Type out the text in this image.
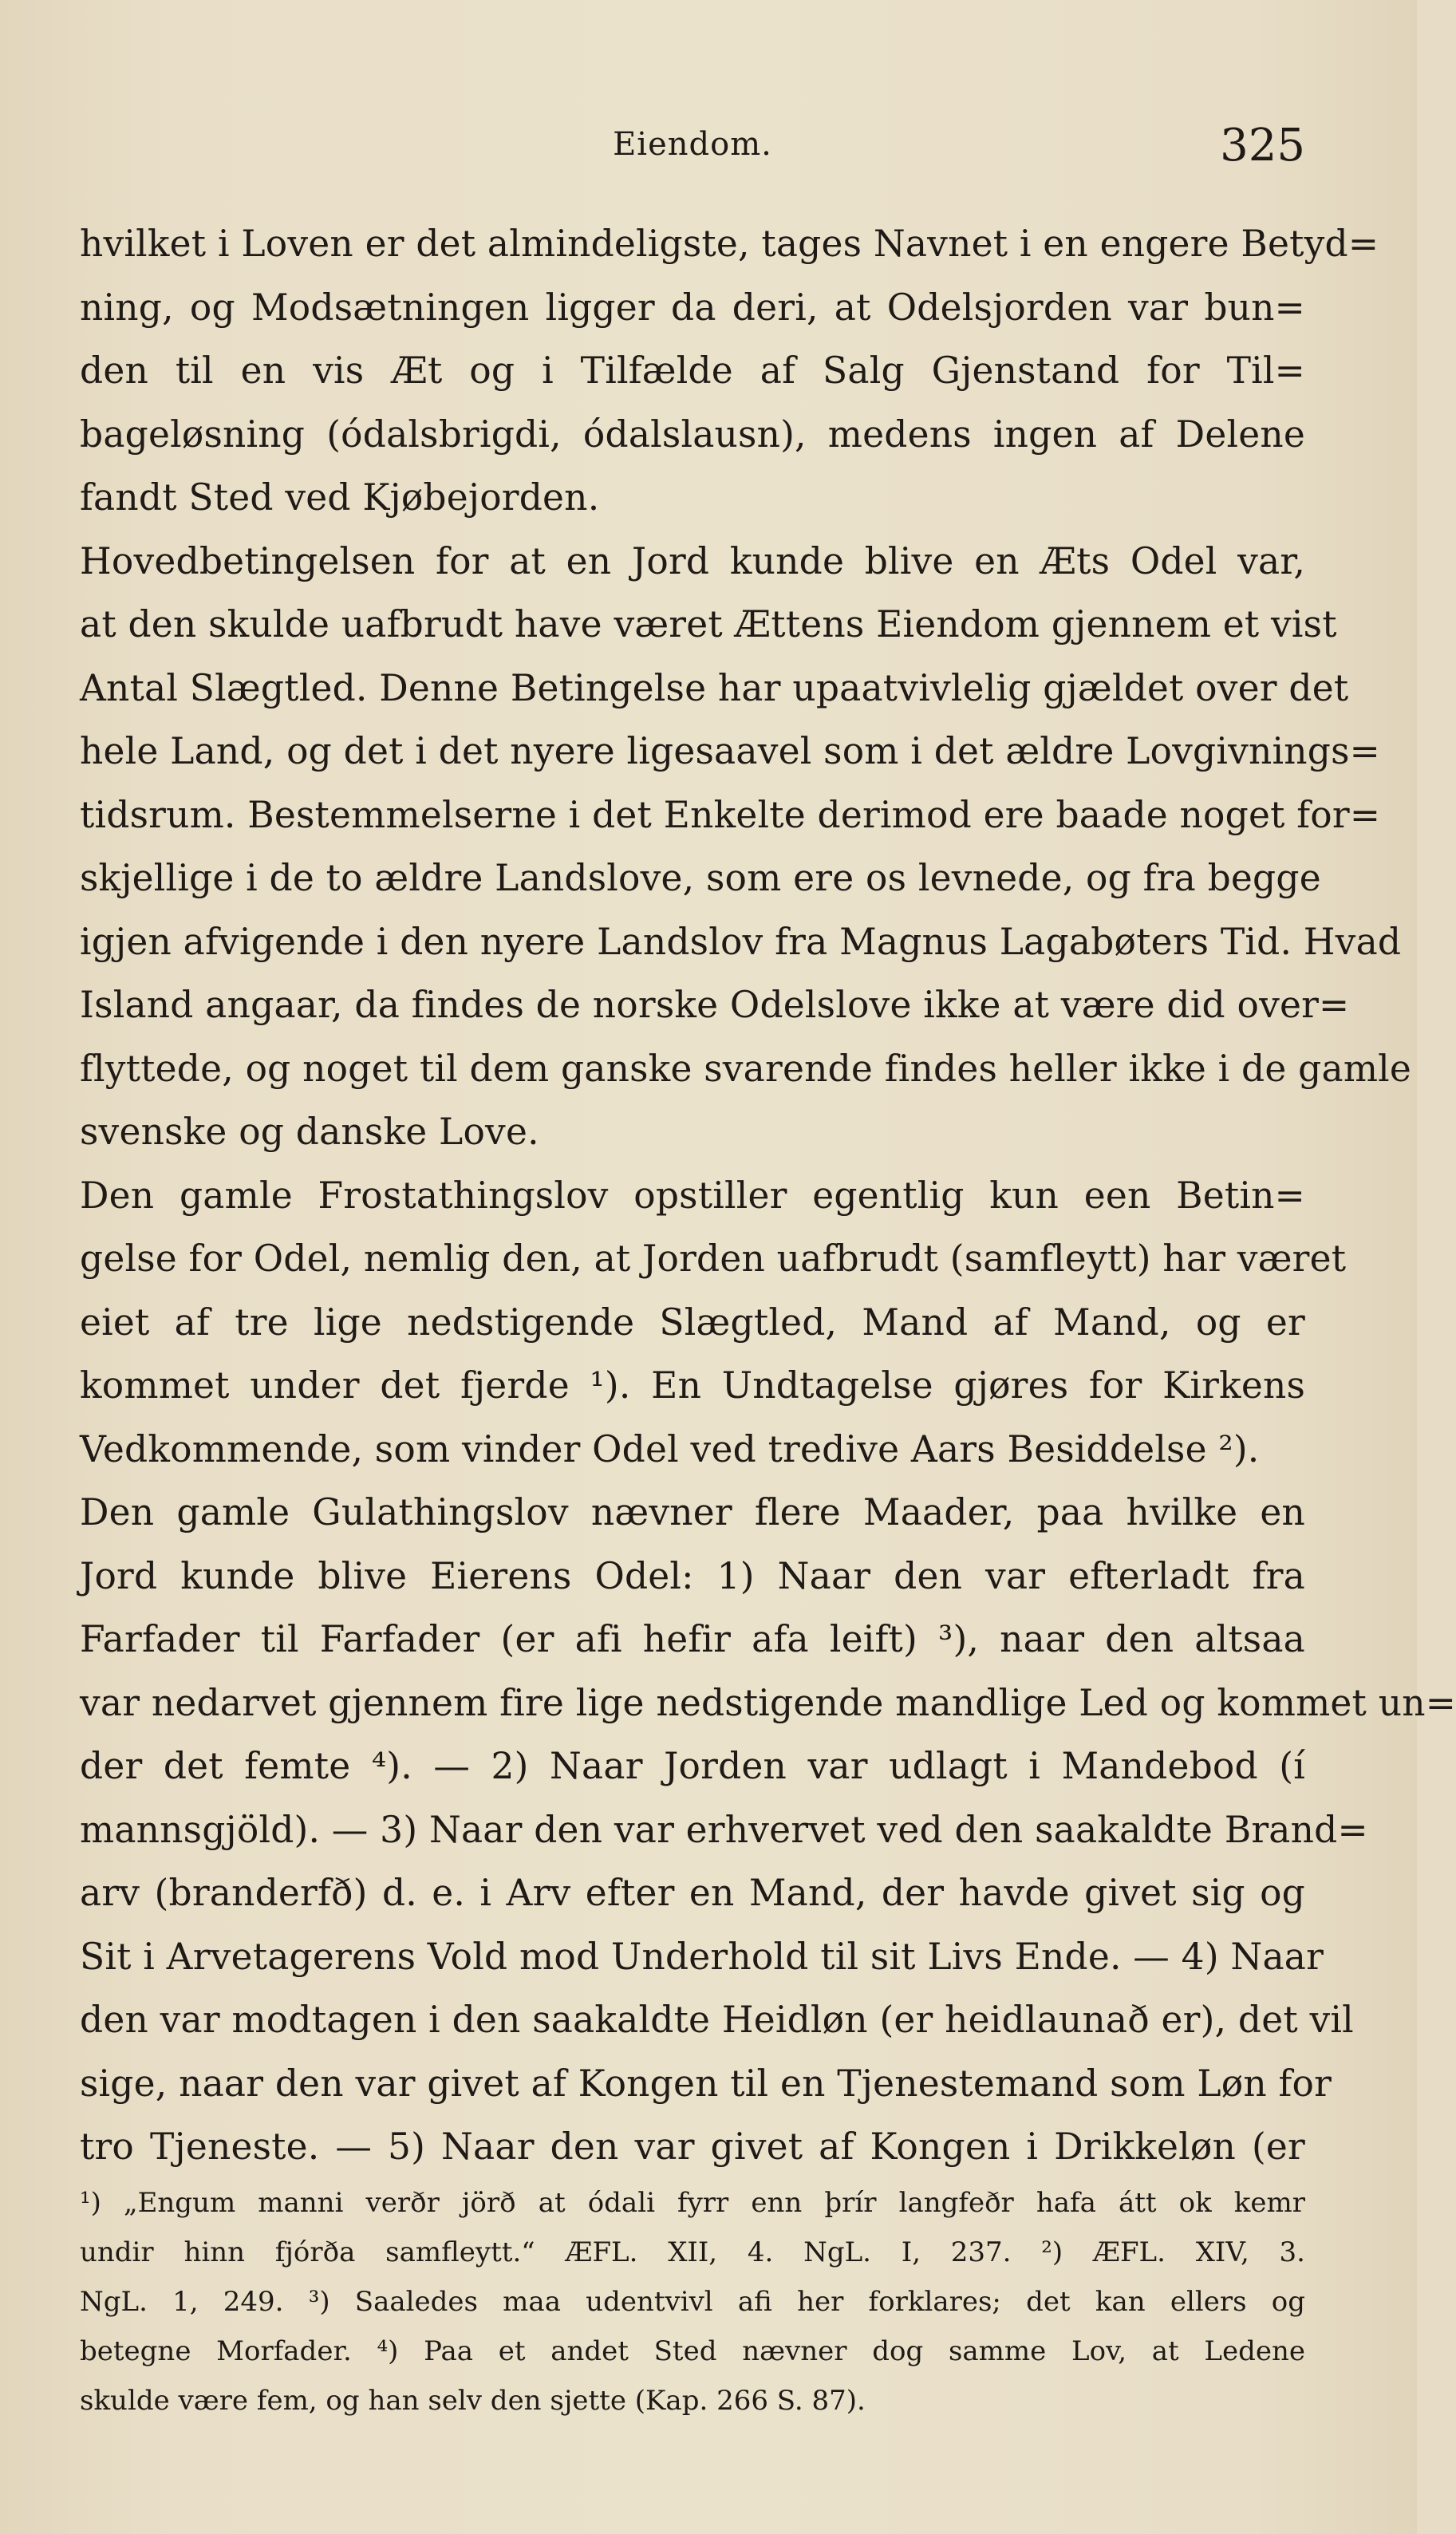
Eiendom.	325
hvilket i Loven er det almindeligste, tages Navnet i en engere Betyd=
ning, og Modsætningen ligger da deri, at Odelsjorden var bun=
den til en vis Æt og i Tilfælde af Salg Gjenstand for Til=
bageløsning (ódalsbrigdi, ódalslausn), medens ingen af Delene
fandt Sted ved Kjøbejorden.
Hovedbetingelsen for at en Jord kunde blive en Æts Odel var,
at den skulde uafbrudt have været Ættens Eiendom gjennem et vist
Antal Slægtled. Denne Betingelse har upaatvivlelig gjældet over det
hele Land, og det i det nyere ligesaavel som i det ældre Lovgivnings=
tidsrum. Bestemmelserne i det Enkelte derimod ere baade noget for=
skjellige i de to ældre Landslove, som ere os levnede, og fra begge
igjen afvigende i den nyere Landslov fra Magnus Lagabøters Tid. Hvad
Island angaar, da findes de norske Odelslove ikke at være did over=
flyttede, og noget til dem ganske svarende findes heller ikke i de gamle
svenske og danske Love.
Den gamle Frostathingslov opstiller egentlig kun een Betin=
gelse for Odel, nemlig den, at Jorden uafbrudt (samfleytt) har været
eiet af tre lige nedstigende Slægtled, Mand af Mand, og er
kommet under det fjerde ¹). En Undtagelse gjøres for Kirkens
Vedkommende, som vinder Odel ved tredive Aars Besiddelse ²).
Den gamle Gulathingslov nævner flere Maader, paa hvilke en
Jord kunde blive Eierens Odel: 1) Naar den var efterladt fra
Farfader til Farfader (er afi hefir afa leift) ³), naar den altsaa
var nedarvet gjennem fire lige nedstigende mandlige Led og kommet un=
der det femte ⁴). — 2) Naar Jorden var udlagt i Mandebod (í
mannsgjöld). — 3) Naar den var erhvervet ved den saakaldte Brand=
arv (branderfð) d. e. i Arv efter en Mand, der havde givet sig og
Sit i Arvetagerens Vold mod Underhold til sit Livs Ende. — 4) Naar
den var modtagen i den saakaldte Heidløn (er heidlaunað er), det vil
sige, naar den var givet af Kongen til en Tjenestemand som Løn for
tro Tjeneste. — 5) Naar den var givet af Kongen i Drikkeløn (er
¹) „Engum manni verðr jörð at ódali fyrr enn þrír langfeðr hafa átt ok kemr
undir hinn fjórða samfleytt.“ ÆFL. XII, 4. NgL. I, 237. ²) ÆFL. XIV, 3.
NgL. 1, 249. ³) Saaledes maa udentvivl afi her forklares; det kan ellers og
betegne Morfader. ⁴) Paa et andet Sted nævner dog samme Lov, at Ledene
skulde være fem, og han selv den sjette (Kap. 266 S. 87).
